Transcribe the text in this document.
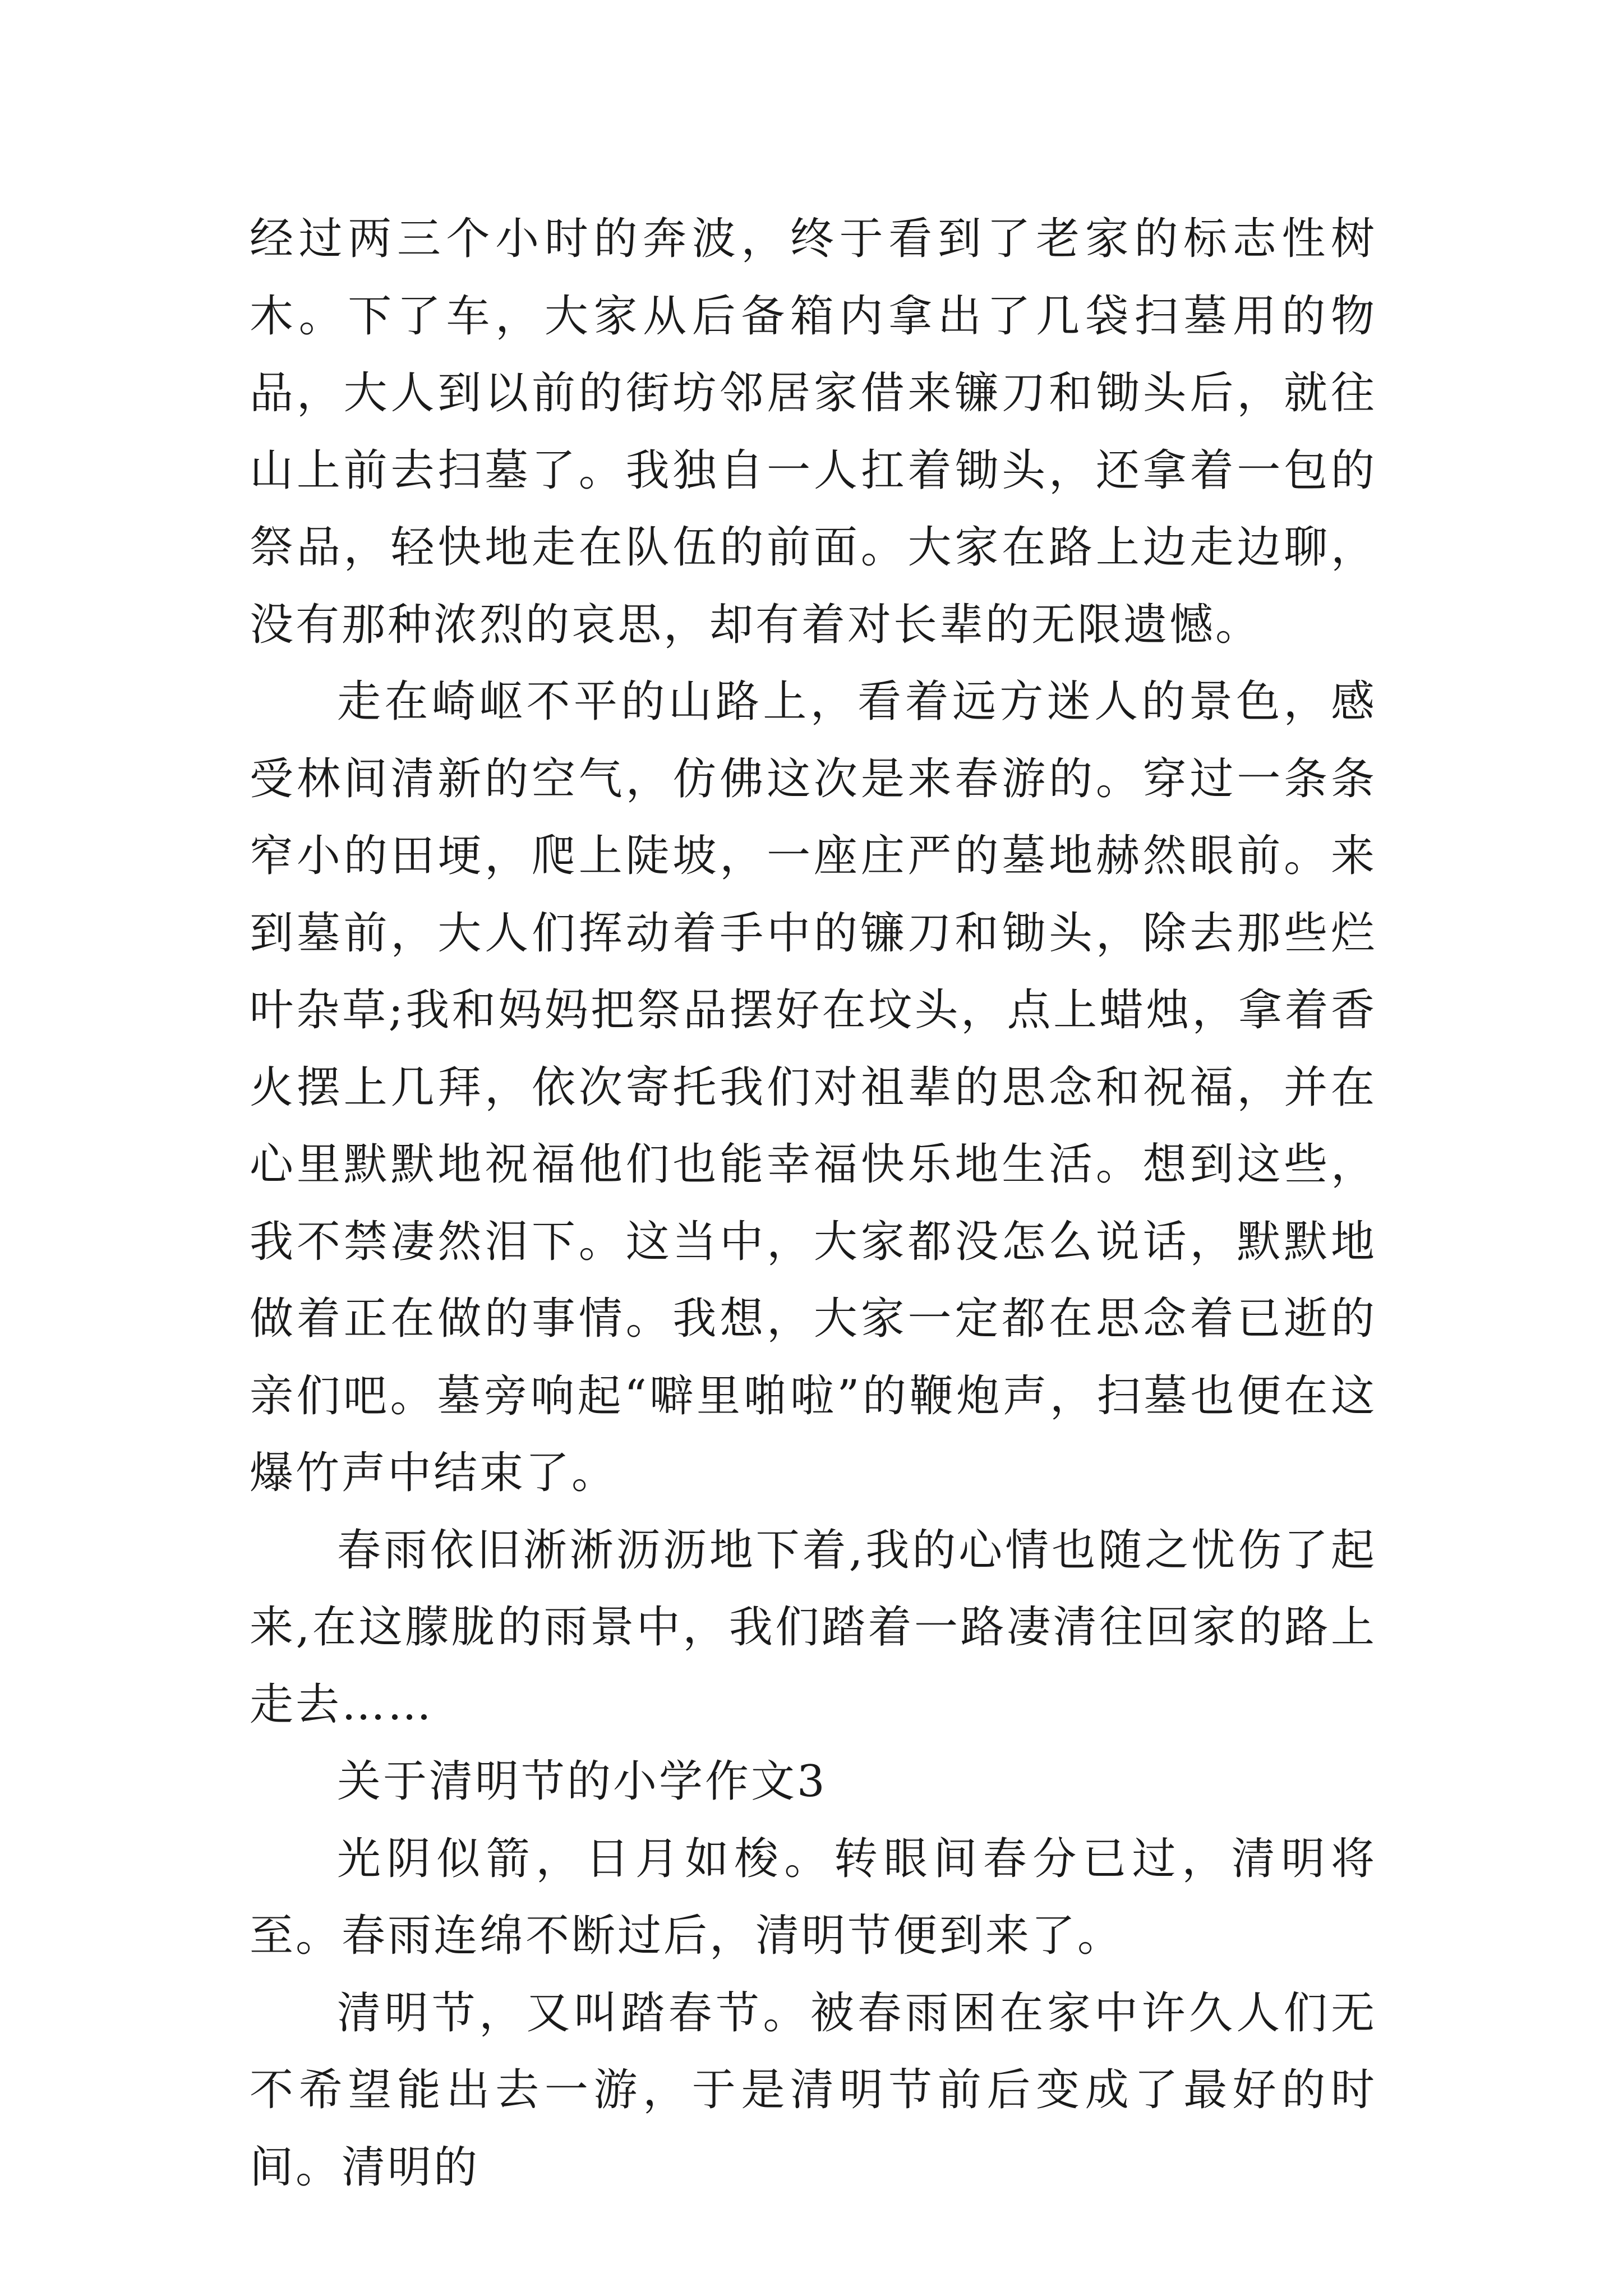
经过两三个小时的奔波，终于看到了老家的标志性树木。下了车，大家从后备箱内拿出了几袋扫墓用的物品，大人到以前的街坊邻居家借来镰刀和锄头后，就往山上前去扫墓了。我独自一人扛着锄头，还拿着一包的祭品，轻快地走在队伍的前面。大家在路上边走边聊，没有那种浓烈的哀思，却有着对长辈的无限遗憾。

走在崎岖不平的山路上，看着远方迷人的景色，感受林间清新的空气，仿佛这次是来春游的。穿过一条条窄小的田埂，爬上陡坡，一座庄严的墓地赫然眼前。来到墓前，大人们挥动着手中的镰刀和锄头，除去那些烂叶杂草;我和妈妈把祭品摆好在坟头，点上蜡烛，拿着香火摆上几拜，依次寄托我们对祖辈的思念和祝福，并在心里默默地祝福他们也能幸福快乐地生活。想到这些，我不禁凄然泪下。这当中，大家都没怎么说话，默默地做着正在做的事情。我想，大家一定都在思念着已逝的亲们吧。墓旁响起“噼里啪啦”的鞭炮声，扫墓也便在这爆竹声中结束了。

春雨依旧淅淅沥沥地下着,我的心情也随之忧伤了起来,在这朦胧的雨景中，我们踏着一路凄清往回家的路上走去……

关于清明节的小学作文3

光阴似箭，日月如梭。转眼间春分已过，清明将至。春雨连绵不断过后，清明节便到来了。

清明节，又叫踏春节。被春雨困在家中许久人们无不希望能出去一游，于是清明节前后变成了最好的时间。清明的
